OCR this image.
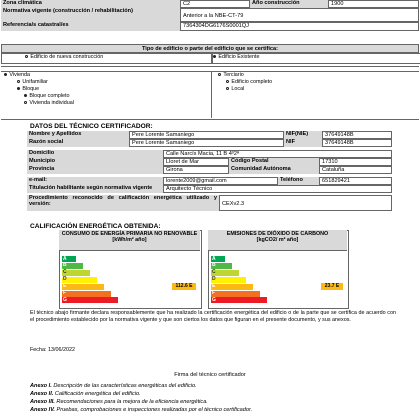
Zona climática	C2	Año construcción	1900
Normativa vigente (construcción / rehabilitación)
Anterior a la NBE-CT-79
Referencia/s catastral/es	7364304DG6176S0001QJ
Tipo de edificio o parte del edificio que se certifica:
Edificio de nueva construcción	Edificio Existente
Vivienda
Unifamiliar
Bloque
Bloque completo
Vivienda individual
Terciario
Edificio completo
Local
DATOS DEL TÉCNICO CERTIFICADOR:
Nombre y Apellidos	Pere Lorente Samaniego	NIF(NIE)	37649148B
Razón social	Pere Lorente Samaniego	NIF	37649148B
Domicilio	Calle Narcís Macia, 11 B 4º2ª
Municipio	Lloret de Mar	Código Postal	17310
Provincia	Girona	Comunidad Autónoma	Cataluña
e-mail:	lorente2009@gmail.com	Teléfono	651829421
Titulación habilitante según normativa vigente	Arquitecto Técnico
Procedimiento reconocido de calificación energética utilizado y versión:	CEXv2.3
CALIFICACIÓN ENERGÉTICA OBTENIDA:
CONSUMO DE ENERGÍA PRIMARIA NO RENOVABLE
[kWh/m² año]
A
B
C
D
E
F
G
112.6 E
EMISIONES DE DIÓXIDO DE CARBONO
[kgCO2/ m² año]
A
B
C
D
E
F
G
23.7 E
El técnico abajo firmante declara responsablemente que ha realizado la certificación energética del edificio o de la parte que se certifica de acuerdo con el procedimiento establecido por la normativa vigente y que son ciertos los datos que figuran en el presente documento, y sus anexos.
Fecha: 13/06/2022
Firma del técnico certificador
Anexo I. Descripción de las características energéticas del edificio.
Anexo II. Calificación energética del edificio.
Anexo III. Recomendaciones para la mejora de la eficiencia energética.
Anexo IV. Pruebas, comprobaciones e inspecciones realizadas por el técnico certificador.
